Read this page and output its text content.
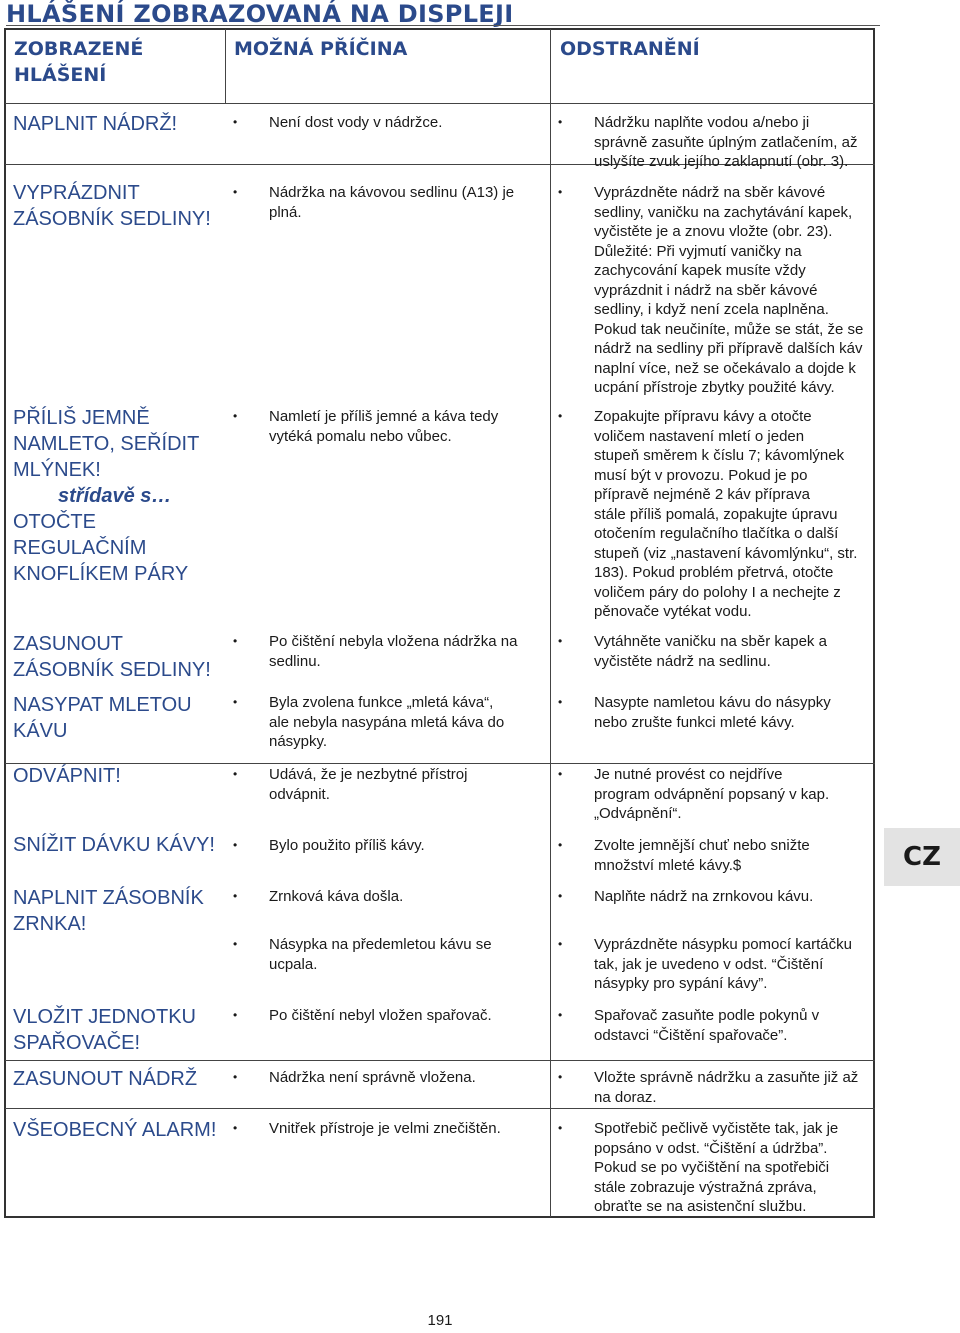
HLÁŠENÍ ZOBRAZOVANÁ NA DISPLEJI
ZOBRAZENÉ
HLÁŠENÍ
MOŽNÁ PŘÍČINA	ODSTRANĚNÍ
NAPLNIT NÁDRŽ!
VYPRÁZDNIT
ZÁSOBNÍK SEDLINY!
PŘÍLIŠ JEMNĚ
NAMLETO, SEŘÍDIT
MLÝNEK!
střídavě s…
OTOČTE
REGULAČNÍM
KNOFLÍKEM PÁRY
ZASUNOUT
ZÁSOBNÍK SEDLINY!
NASYPAT MLETOU
KÁVU
ODVÁPNIT!
SNÍŽIT DÁVKU KÁVY!
NAPLNIT ZÁSOBNÍK
ZRNKA!
VLOŽIT JEDNOTKU
SPAŘOVAČE!
ZASUNOUT NÁDRŽ
VŠEOBECNÝ ALARM!
• Není dost vody v nádržce.
• Nádržka na kávovou sedlinu (A13) je
plná.
• Namletí je příliš jemné a káva tedy
vytéká pomalu nebo vůbec.
• Po čištění nebyla vložena nádržka na
sedlinu.
• Byla zvolena funkce „mletá káva“,
ale nebyla nasypána mletá káva do
násypky.
• Udává, že je nezbytné přístroj
odvápnit.
• Bylo použito příliš kávy.
• Zrnková káva došla.
• Násypka na předemletou kávu se
ucpala.
• Po čištění nebyl vložen spařovač.
• Nádržka není správně vložena.
• Vnitřek přístroje je velmi znečištěn.
• Nádržku naplňte vodou a/nebo ji
správně zasuňte úplným zatlačením, až
uslyšíte zvuk jejího zaklapnutí (obr. 3).
• Vyprázdněte nádrž na sběr kávové
sedliny, vaničku na zachytávání kapek,
vyčistěte je a znovu vložte (obr. 23).
Důležité: Při vyjmutí vaničky na
zachycování kapek musíte vždy
vyprázdnit i nádrž na sběr kávové
sedliny, i když není zcela naplněna.
Pokud tak neučiníte, může se stát, že se
nádrž na sedliny při přípravě dalších káv
naplní více, než se očekávalo a dojde k
ucpání přístroje zbytky použité kávy.
• Zopakujte přípravu kávy a otočte
voličem nastavení mletí o jeden
stupeň směrem k číslu 7; kávomlýnek
musí být v provozu. Pokud je po
přípravě nejméně 2 káv příprava
stále příliš pomalá, zopakujte úpravu
otočením regulačního tlačítka o další
stupeň (viz „nastavení kávomlýnku“, str.
183). Pokud problém přetrvá, otočte
voličem páry do polohy I a nechejte z
pěnovače vytékat vodu.
• Vytáhněte vaničku na sběr kapek a
vyčistěte nádrž na sedlinu.
• Nasypte namletou kávu do násypky
nebo zrušte funkci mleté kávy.
• Je nutné provést co nejdříve
program odvápnění popsaný v kap.
„Odvápnění“.
• Zvolte jemnější chuť nebo snižte
množství mleté kávy.$
• Naplňte nádrž na zrnkovou kávu.
• Vyprázdněte násypku pomocí kartáčku
tak, jak je uvedeno v odst. “Čištění
násypky pro sypání kávy”.
• Spařovač zasuňte podle pokynů v
odstavci “Čištění spařovače”.
• Vložte správně nádržku a zasuňte již až
na doraz.
• Spotřebič pečlivě vyčistěte tak, jak je
popsáno v odst. “Čištění a údržba”.
Pokud se po vyčištění na spotřebiči
stále zobrazuje výstražná zpráva,
obraťte se na asistenční službu.
CZ
191
